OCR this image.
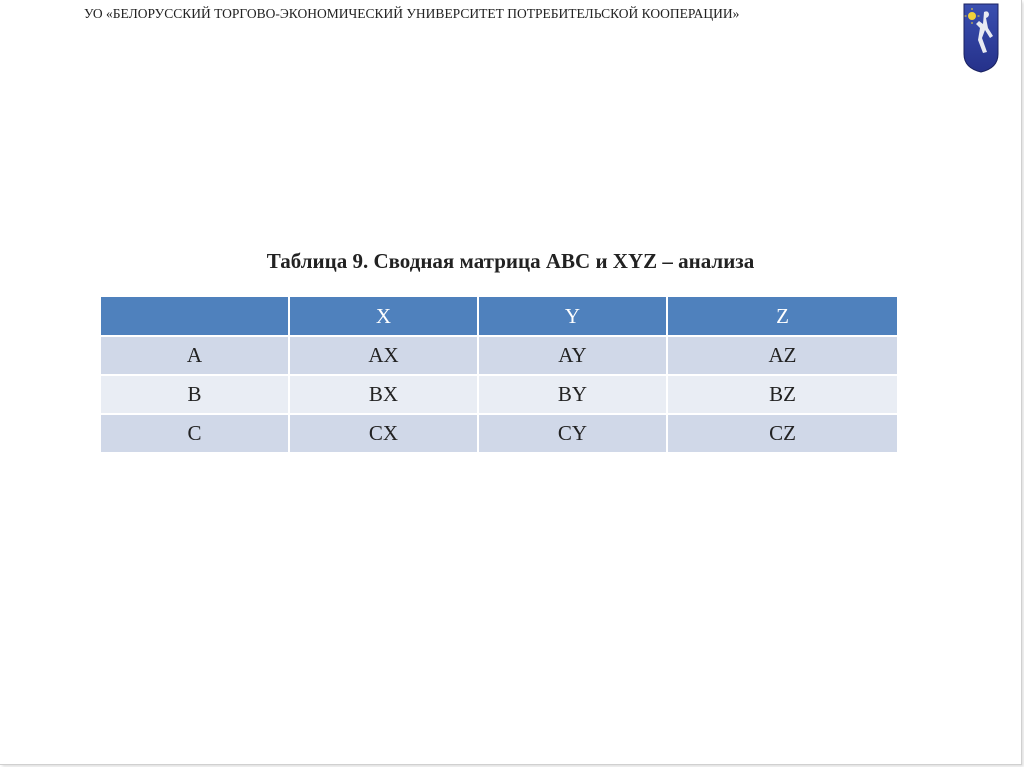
УО «БЕЛОРУССКИЙ ТОРГОВО-ЭКОНОМИЧЕСКИЙ УНИВЕРСИТЕТ ПОТРЕБИТЕЛЬСКОЙ КООПЕРАЦИИ»
Таблица 9. Сводная матрица ABC и XYZ – анализа
	X	Y	Z
A	AX	AY	AZ
B	BX	BY	BZ
C	CX	CY	CZ
